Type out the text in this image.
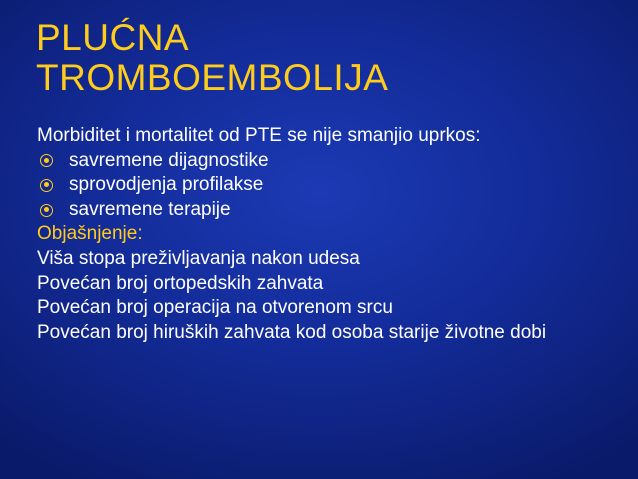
PLUĆNA
TROMBOEMBOLIJA
Morbiditet i mortalitet od PTE se nije smanjio uprkos:
savremene dijagnostike
sprovodjenja profilakse
savremene terapije
Objašnjenje:
Viša stopa preživljavanja nakon udesa
Povećan broj ortopedskih zahvata
Povećan broj operacija na otvorenom srcu
Povećan broj hiruških zahvata kod osoba starije životne dobi
